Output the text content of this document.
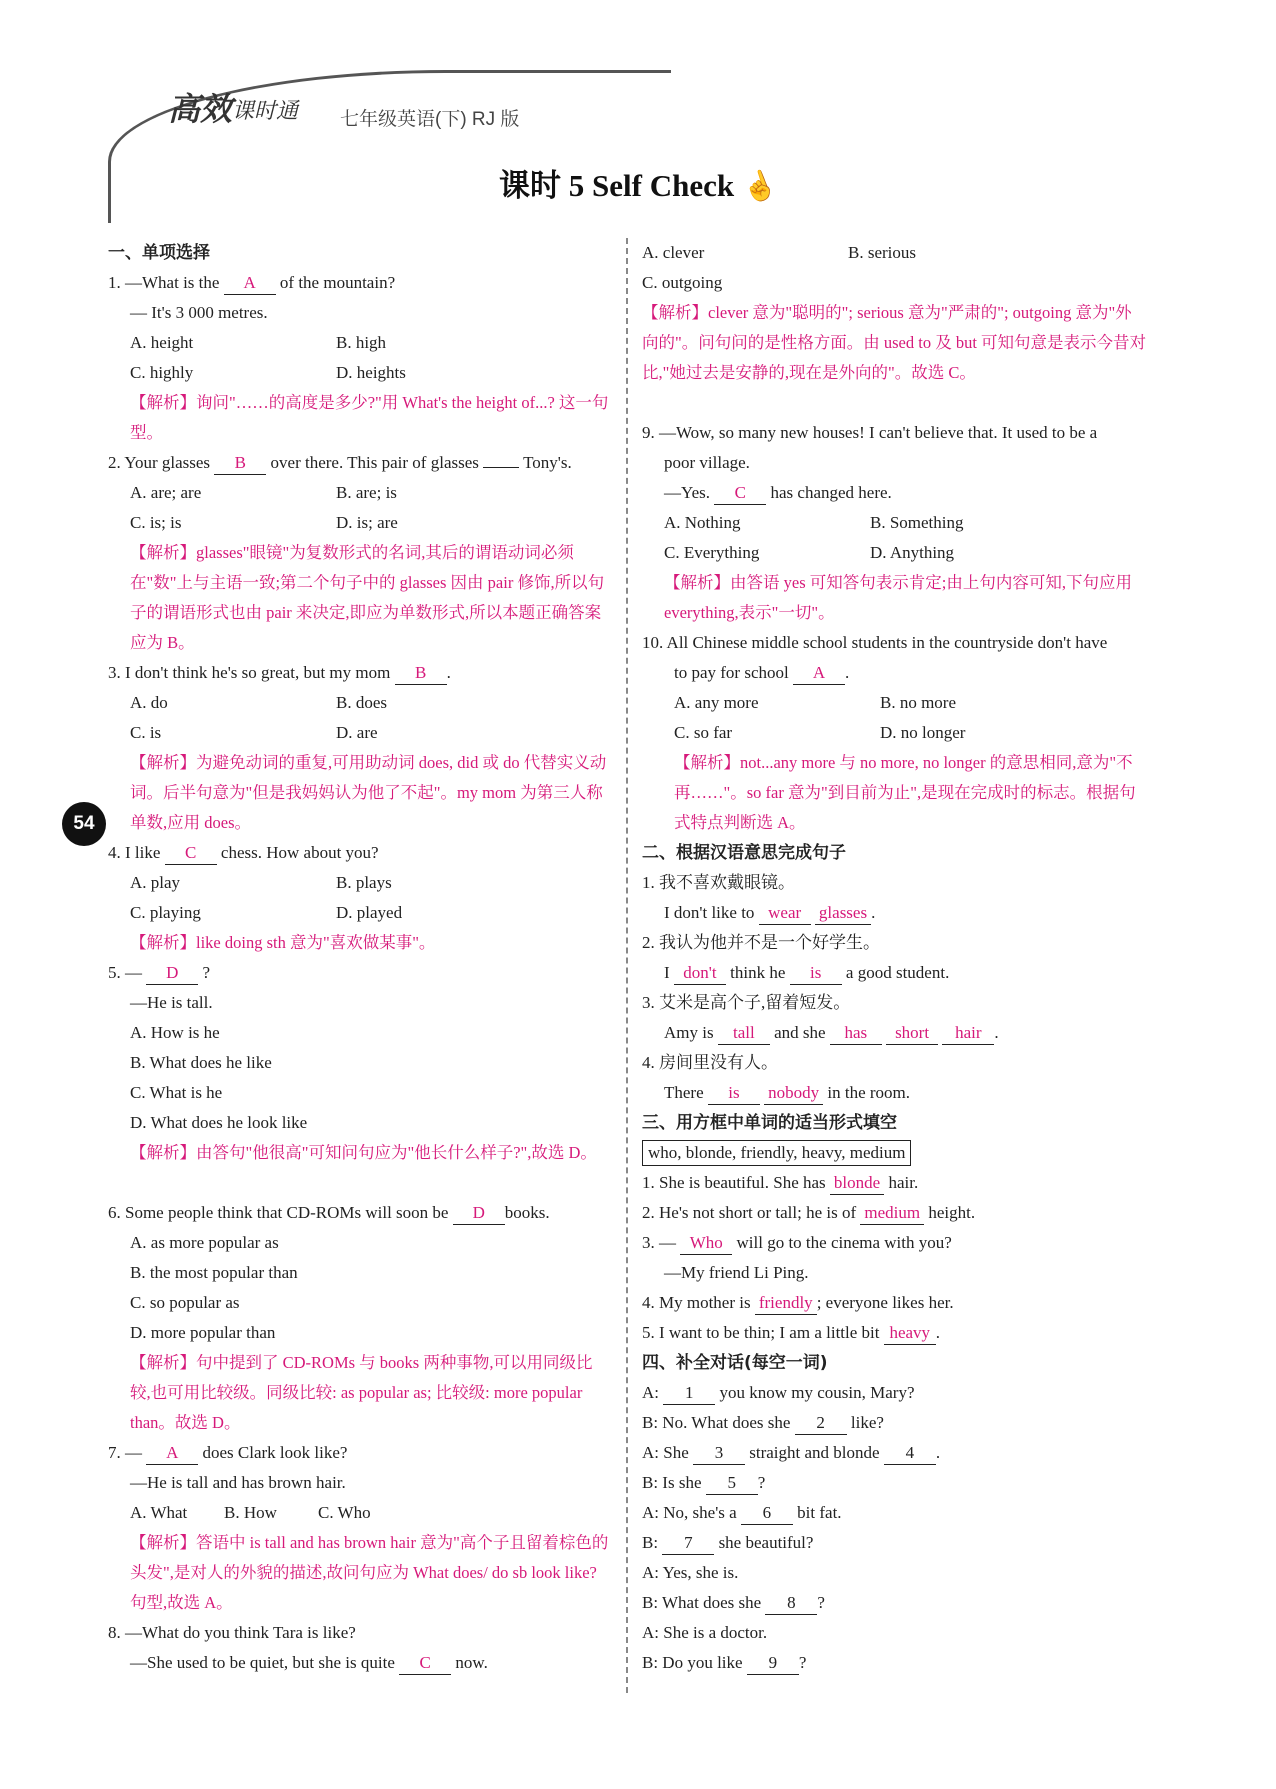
高效 课时通 七年级英语(下) RJ 版
课时 5 Self Check ☝
54
一、单项选择
1. —What is the A of the mountain?
— It's 3 000 metres.
A. height	B. high
C. highly	D. heights
【解析】询问"……的高度是多少?"用 What's the height of...? 这一句型。
2. Your glasses B over there. This pair of glasses	Tony's.
A. are; are	B. are; is
C. is; is	D. is; are
【解析】glasses"眼镜"为复数形式的名词,其后的谓语动词必须在"数"上与主语一致;第二个句子中的 glasses 因由 pair 修饰,所以句子的谓语形式也由 pair 来决定,即应为单数形式,所以本题正确答案应为 B。
3. I don't think he's so great, but my mom B .
A. do	B. does
C. is	D. are
【解析】为避免动词的重复,可用助动词 does, did 或 do 代替实义动词。后半句意为"但是我妈妈认为他了不起"。my mom 为第三人称单数,应用 does。
4. I like C chess. How about you?
A. play	B. plays
C. playing	D. played
【解析】like doing sth 意为"喜欢做某事"。
5. — D ?
—He is tall.
A. How is he
B. What does he like
C. What is he
D. What does he look like
【解析】由答句"他很高"可知问句应为"他长什么样子?",故选 D。
6. Some people think that CD-ROMs will soon be D books.
A. as more popular as
B. the most popular than
C. so popular as
D. more popular than
【解析】句中提到了 CD-ROMs 与 books 两种事物,可以用同级比较,也可用比较级。同级比较: as popular as; 比较级: more popular than。故选 D。
7. — A does Clark look like?
—He is tall and has brown hair.
A. What B. How C. Who
【解析】答语中 is tall and has brown hair 意为"高个子且留着棕色的头发",是对人的外貌的描述,故问句应为 What does/ do sb look like? 句型,故选 A。
8. —What do you think Tara is like?
—She used to be quiet, but she is quite C now.
A. clever	B. serious
C. outgoing
【解析】clever 意为"聪明的"; serious 意为"严肃的"; outgoing 意为"外向的"。问句问的是性格方面。由 used to 及 but 可知句意是表示今昔对比,"她过去是安静的,现在是外向的"。故选 C。
9. —Wow, so many new houses! I can't believe that. It used to be a
poor village.
—Yes. C has changed here.
A. Nothing	B. Something
C. Everything	D. Anything
【解析】由答语 yes 可知答句表示肯定;由上句内容可知,下句应用 everything,表示"一切"。
10. All Chinese middle school students in the countryside don't have
to pay for school A .
A. any more	B. no more
C. so far	D. no longer
【解析】not...any more 与 no more, no longer 的意思相同,意为"不再……"。so far 意为"到目前为止",是现在完成时的标志。根据句式特点判断选 A。
二、根据汉语意思完成句子
1. 我不喜欢戴眼镜。
I don't like to wear glasses .
2. 我认为他并不是一个好学生。
I don't think he is a good student.
3. 艾米是高个子,留着短发。
Amy is tall and she has short hair .
4. 房间里没有人。
There is nobody in the room.
三、用方框中单词的适当形式填空
who, blonde, friendly, heavy, medium
1. She is beautiful. She has blonde hair.
2. He's not short or tall; he is of medium height.
3. — Who will go to the cinema with you?
—My friend Li Ping.
4. My mother is friendly ; everyone likes her.
5. I want to be thin; I am a little bit heavy .
四、补全对话(每空一词)
A: 1 you know my cousin, Mary?
B: No. What does she 2 like?
A: She 3 straight and blonde 4 .
B: Is she 5 ?
A: No, she's a 6 bit fat.
B: 7 she beautiful?
A: Yes, she is.
B: What does she 8 ?
A: She is a doctor.
B: Do you like 9 ?
